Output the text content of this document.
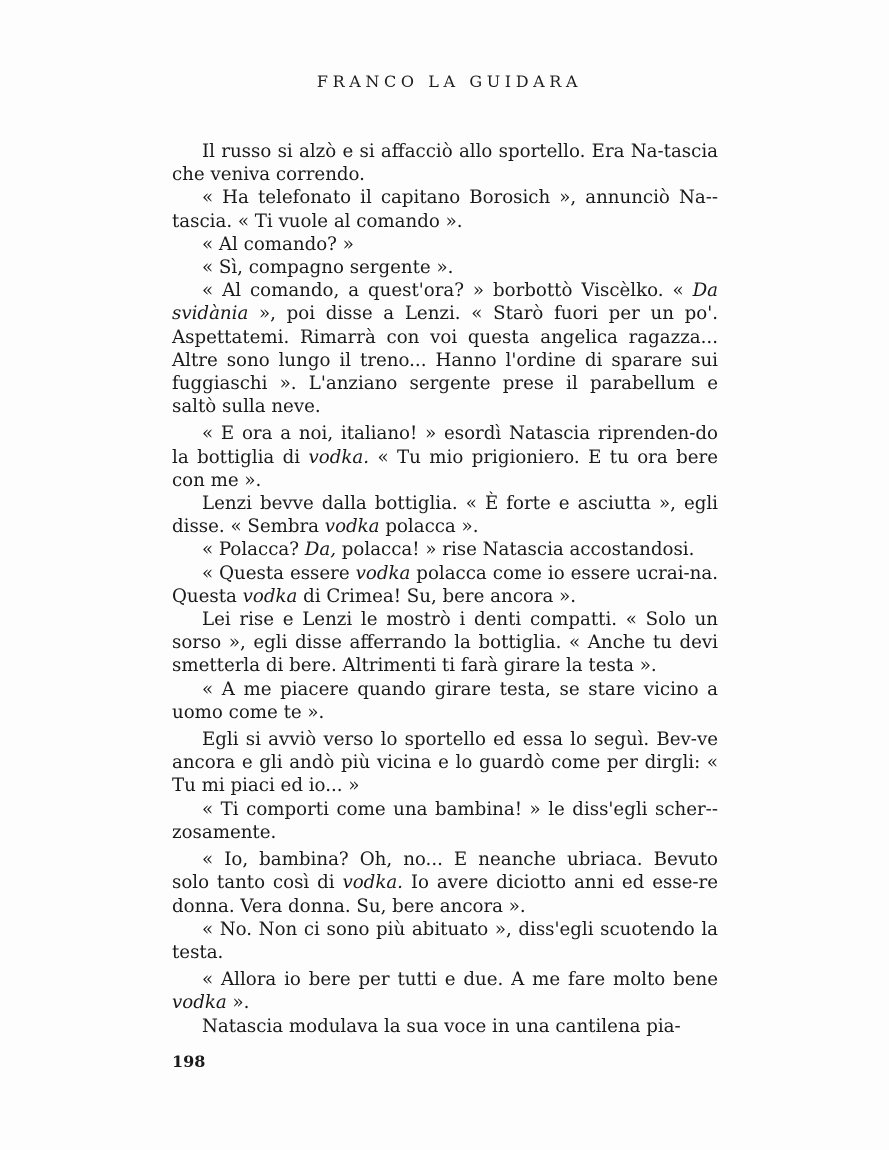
FRANCO LA GUIDARA

Il russo si alzò e si affacciò allo sportello. Era Na-tascia che veniva correndo.

« Ha telefonato il capitano Borosich », annunciò Na-tascia. « Ti vuole al comando ».

« Al comando? »

« Sì, compagno sergente ».

« Al comando, a quest'ora? » borbottò Viscèlko. « Da svidània », poi disse a Lenzi. « Starò fuori per un po'. Aspettatemi. Rimarrà con voi questa angelica ragazza... Altre sono lungo il treno... Hanno l'ordine di sparare sui fuggiaschi ». L'anziano sergente prese il parabellum e saltò sulla neve.

« E ora a noi, italiano! » esordì Natascia riprenden-do la bottiglia di vodka. « Tu mio prigioniero. E tu ora bere con me ».

Lenzi bevve dalla bottiglia. « È forte e asciutta », egli disse. « Sembra vodka polacca ».

« Polacca? Da, polacca! » rise Natascia accostandosi.

« Questa essere vodka polacca come io essere ucrai-na. Questa vodka di Crimea! Su, bere ancora ».

Lei rise e Lenzi le mostrò i denti compatti. « Solo un sorso », egli disse afferrando la bottiglia. « Anche tu devi smetterla di bere. Altrimenti ti farà girare la testa ».

« A me piacere quando girare testa, se stare vicino a uomo come te ».

Egli si avviò verso lo sportello ed essa lo seguì. Bev-ve ancora e gli andò più vicina e lo guardò come per dirgli: « Tu mi piaci ed io... »

« Ti comporti come una bambina! » le diss'egli scher-zosamente.

« Io, bambina? Oh, no... E neanche ubriaca. Bevuto solo tanto così di vodka. Io avere diciotto anni ed esse-re donna. Vera donna. Su, bere ancora ».

« No. Non ci sono più abituato », diss'egli scuotendo la testa.

« Allora io bere per tutti e due. A me fare molto bene vodka ».

Natascia modulava la sua voce in una cantilena pia-

198
